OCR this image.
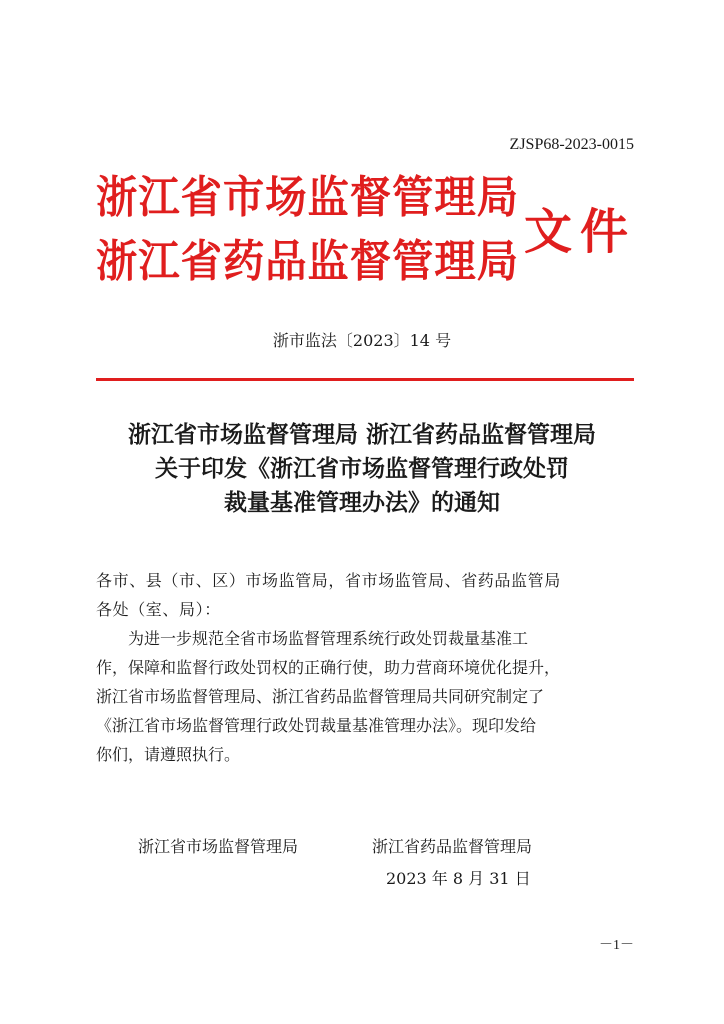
ZJSP68-2023-0015
浙江省市场监督管理局
浙江省药品监督管理局
文件
浙市监法〔2023〕14 号
浙江省市场监督管理局 浙江省药品监督管理局
关于印发《浙江省市场监督管理行政处罚
裁量基准管理办法》的通知
各市、县（市、区）市场监管局，省市场监管局、省药品监管局
各处（室、局）：
　　为进一步规范全省市场监督管理系统行政处罚裁量基准工
作，保障和监督行政处罚权的正确行使，助力营商环境优化提升，
浙江省市场监督管理局、浙江省药品监督管理局共同研究制定了
《浙江省市场监督管理行政处罚裁量基准管理办法》。现印发给
你们，请遵照执行。
浙江省市场监督管理局	浙江省药品监督管理局
2023 年 8 月 31 日
－1－
